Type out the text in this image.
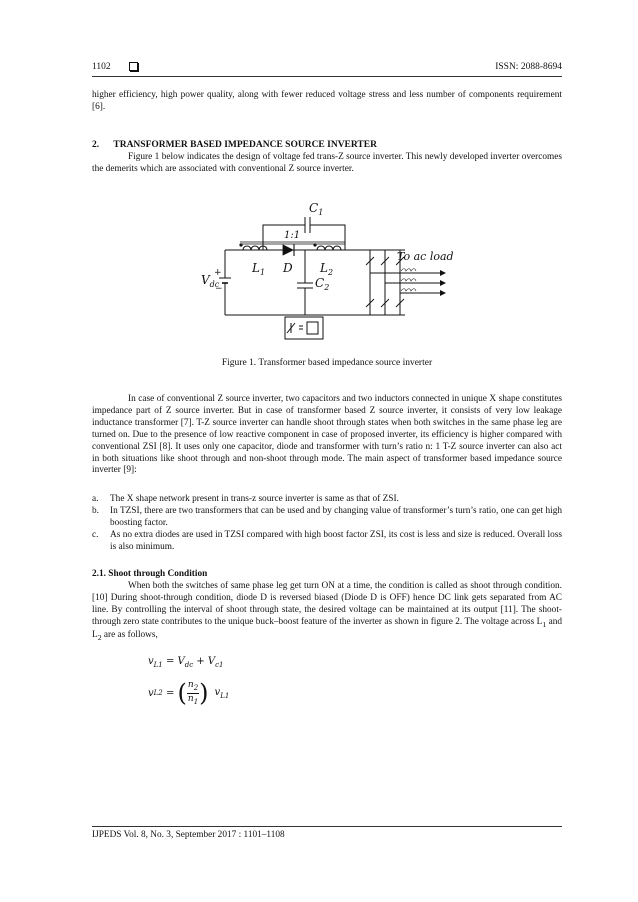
1102	ISSN: 2088-8694

higher efficiency, high power quality, along with fewer reduced voltage stress and less number of components requirement [6].

2.      TRANSFORMER BASED IMPEDANCE SOURCE INVERTER

Figure 1 below indicates the design of voltage fed trans-Z source inverter. This newly developed inverter overcomes the demerits which are associated with conventional Z source inverter.

$C_1$
1:1
$L_1$ D $L_2$
$C_2$
$V_{dc}$
+
−
To ac load
Figure 1. Transformer based impedance source inverter

In case of conventional Z source inverter, two capacitors and two inductors connected in unique X shape constitutes impedance part of Z source inverter. But in case of transformer based Z source inverter, it consists of very low leakage inductance transformer [7]. T-Z source inverter can handle shoot through states when both switches in the same phase leg are turned on. Due to the presence of low reactive component in case of proposed inverter, its efficiency is higher compared with conventional ZSI [8]. It uses only one capacitor, diode and transformer with turn’s ratio n: 1 T-Z source inverter can also act in both situations like shoot through and non-shoot through mode. The main aspect of transformer based impedance source inverter [9]:

a. The X shape network present in trans-z source inverter is same as that of ZSI.
b. In TZSI, there are two transformers that can be used and by changing value of transformer’s turn’s ratio, one can get high boosting factor.
c. As no extra diodes are used in TZSI compared with high boost factor ZSI, its cost is less and size is reduced. Overall loss is also minimum.
2.1. Shoot through Condition

When both the switches of same phase leg get turn ON at a time, the condition is called as shoot through condition. [10] During shoot-through condition, diode D is reversed biased (Diode D is OFF) hence DC link gets separated from AC line. By controlling the interval of shoot through state, the desired voltage can be maintained at its output [11]. The shoot-through zero state contributes to the unique buck–boost feature of the inverter as shown in figure 2. The voltage across $L_1$ and $L_2$ are as follows,

$v_{L1} = V_{dc} + V_{c1}$
v L2 = ( $n_2$
$n_1$ ) $v_{L1}$
IJPEDS Vol. 8, No. 3, September 2017 : 1101–1108
